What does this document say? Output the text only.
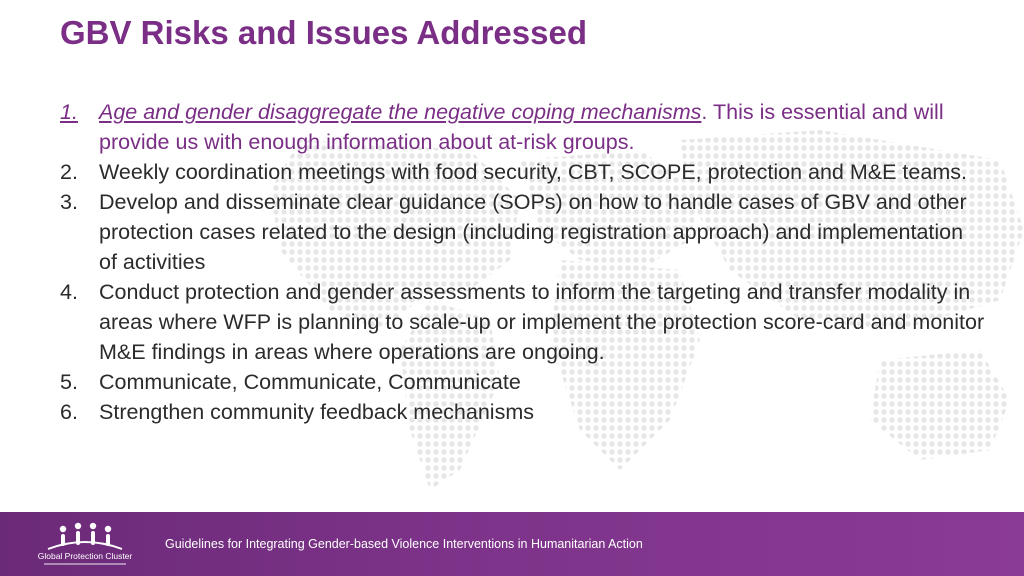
GBV Risks and Issues Addressed
1. Age and gender disaggregate the negative coping mechanisms. This is essential and will provide us with enough information about at-risk groups.
2. Weekly coordination meetings with food security, CBT, SCOPE, protection and M&E teams.
3. Develop and disseminate clear guidance (SOPs) on how to handle cases of GBV and other protection cases related to the design (including registration approach) and implementation of activities
4. Conduct protection and gender assessments to inform the targeting and transfer modality in areas where WFP is planning to scale-up or implement the protection score-card and monitor M&E findings in areas where operations are ongoing.
5. Communicate, Communicate, Communicate
6. Strengthen community feedback mechanisms
Global Protection Cluster
Guidelines for Integrating Gender-based Violence Interventions in Humanitarian Action
